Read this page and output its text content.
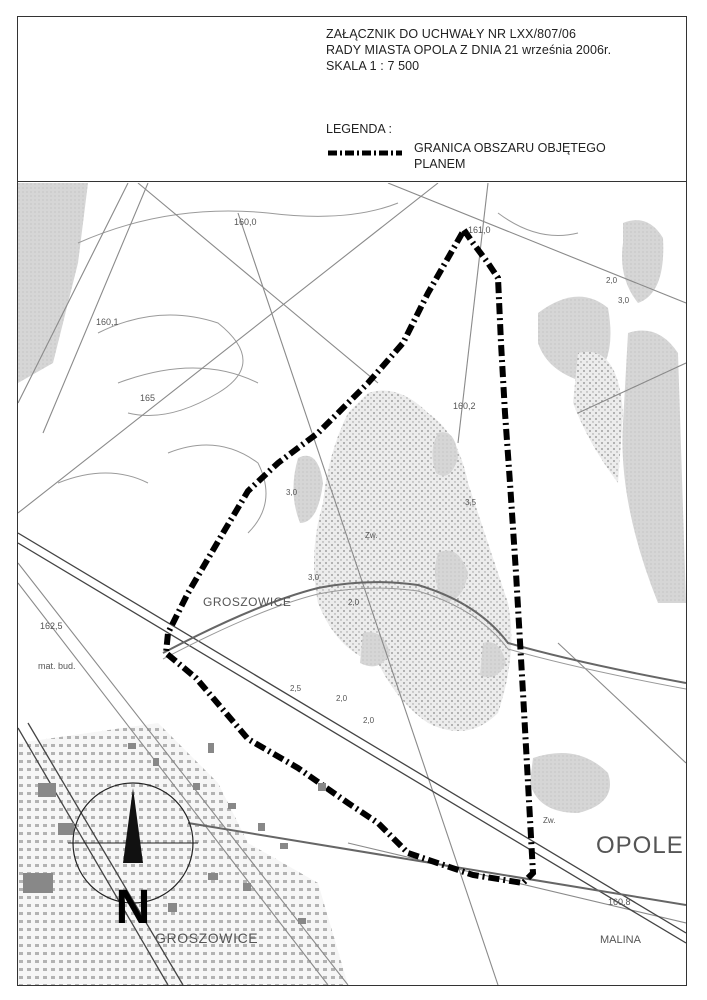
ZAŁĄCZNIK DO UCHWAŁY NR LXX/807/06
RADY MIASTA OPOLA Z DNIA 21 września 2006r.
SKALA 1 : 7 500
LEGENDA :
GRANICA OBSZARU OBJĘTEGO
PLANEM
GROSZOWICE
GROSZOWICE
OPOLE
MALINA
mat. bud.
160,0
161,0
160,1
160,2
162,5
160,8
165
3,0
3,5
2,0
2,5
3,0
2,0
2,0
3,0
2,0
Zw.
Zw.
N
